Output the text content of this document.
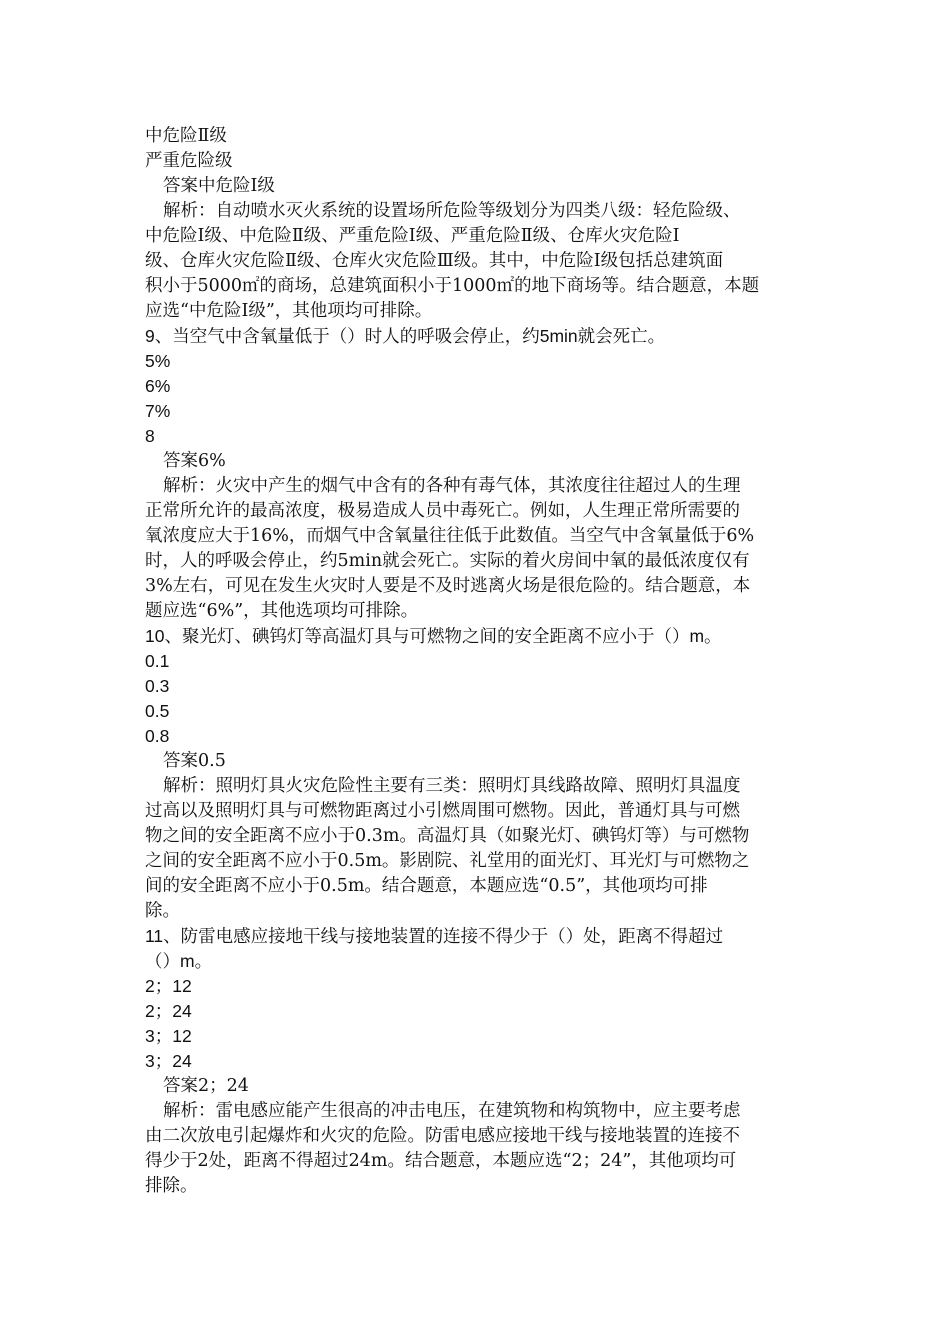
中危险Ⅱ级
严重危险级
答案中危险Ⅰ级
解析：自动喷水灭火系统的设置场所危险等级划分为四类八级：轻危险级、
中危险Ⅰ级、中危险Ⅱ级、严重危险Ⅰ级、严重危险Ⅱ级、仓库火灾危险Ⅰ
级、仓库火灾危险Ⅱ级、仓库火灾危险Ⅲ级。其中，中危险Ⅰ级包括总建筑面
积小于5000㎡的商场，总建筑面积小于1000㎡的地下商场等。结合题意，本题
应选“中危险Ⅰ级”，其他项均可排除。
9、当空气中含氧量低于（）时人的呼吸会停止，约5min就会死亡。
5%
6%
7%
8
答案6%
解析：火灾中产生的烟气中含有的各种有毒气体，其浓度往往超过人的生理
正常所允许的最高浓度，极易造成人员中毒死亡。例如，人生理正常所需要的
氧浓度应大于16%，而烟气中含氧量往往低于此数值。当空气中含氧量低于6%
时，人的呼吸会停止，约5min就会死亡。实际的着火房间中氧的最低浓度仅有
3%左右，可见在发生火灾时人要是不及时逃离火场是很危险的。结合题意，本
题应选“6%”，其他选项均可排除。
10、聚光灯、碘钨灯等高温灯具与可燃物之间的安全距离不应小于（）m。
0.1
0.3
0.5
0.8
答案0.5
解析：照明灯具火灾危险性主要有三类：照明灯具线路故障、照明灯具温度
过高以及照明灯具与可燃物距离过小引燃周围可燃物。因此，普通灯具与可燃
物之间的安全距离不应小于0.3m。高温灯具（如聚光灯、碘钨灯等）与可燃物
之间的安全距离不应小于0.5m。影剧院、礼堂用的面光灯、耳光灯与可燃物之
间的安全距离不应小于0.5m。结合题意，本题应选“0.5”，其他项均可排
除。
11、防雷电感应接地干线与接地装置的连接不得少于（）处，距离不得超过
（）m。
2；12
2；24
3；12
3；24
答案2；24
解析：雷电感应能产生很高的冲击电压，在建筑物和构筑物中，应主要考虑
由二次放电引起爆炸和火灾的危险。防雷电感应接地干线与接地装置的连接不
得少于2处，距离不得超过24m。结合题意，本题应选“2；24”，其他项均可
排除。
